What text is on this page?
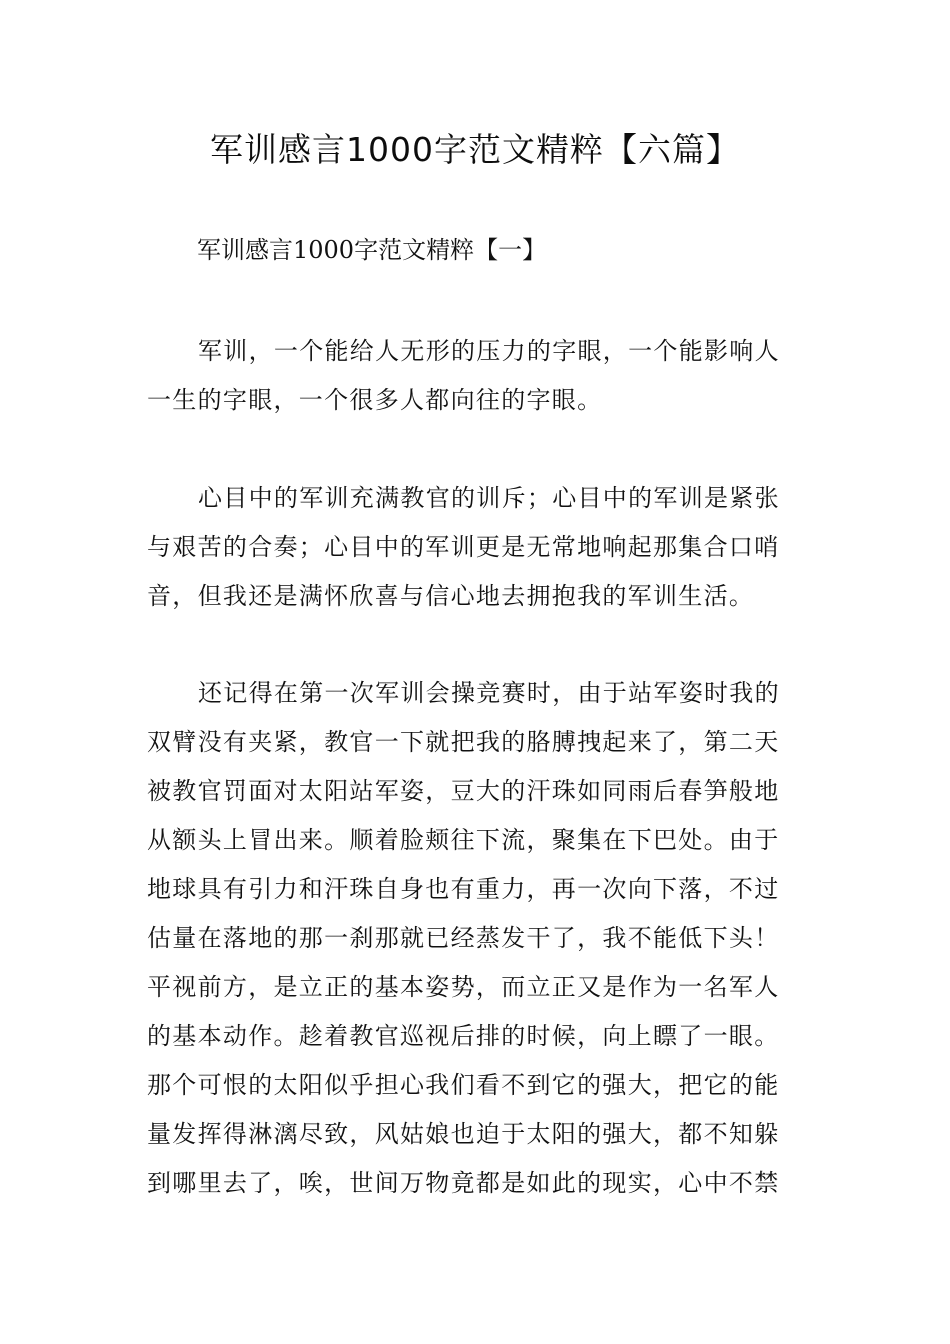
军训感言1000字范文精粹【六篇】
军训感言1000字范文精粹【一】
军训，一个能给人无形的压力的字眼，一个能影响人
一生的字眼，一个很多人都向往的字眼。
心目中的军训充满教官的训斥；心目中的军训是紧张
与艰苦的合奏；心目中的军训更是无常地响起那集合口哨
音，但我还是满怀欣喜与信心地去拥抱我的军训生活。
还记得在第一次军训会操竞赛时，由于站军姿时我的
双臂没有夹紧，教官一下就把我的胳膊拽起来了，第二天
被教官罚面对太阳站军姿，豆大的汗珠如同雨后春笋般地
从额头上冒出来。顺着脸颊往下流，聚集在下巴处。由于
地球具有引力和汗珠自身也有重力，再一次向下落，不过
估量在落地的那一刹那就已经蒸发干了，我不能低下头！
平视前方，是立正的基本姿势，而立正又是作为一名军人
的基本动作。趁着教官巡视后排的时候，向上瞟了一眼。
那个可恨的太阳似乎担心我们看不到它的强大，把它的能
量发挥得淋漓尽致，风姑娘也迫于太阳的强大，都不知躲
到哪里去了，唉，世间万物竟都是如此的现实，心中不禁
